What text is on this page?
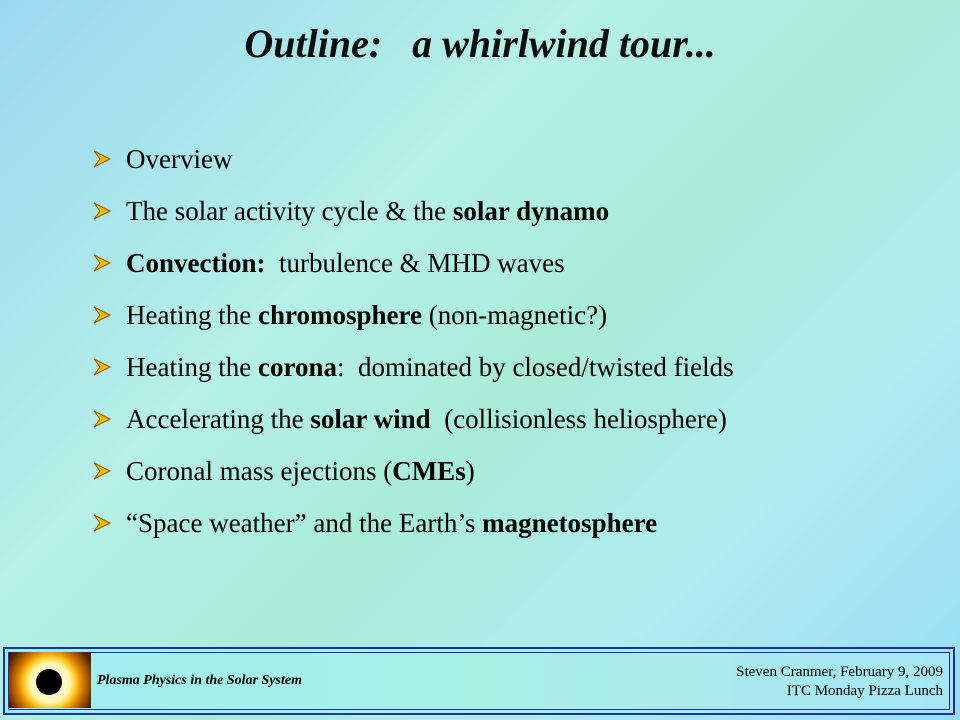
Outline:   a whirlwind tour...
Overview
The solar activity cycle & the solar dynamo
Convection:  turbulence & MHD waves
Heating the chromosphere (non-magnetic?)
Heating the corona:  dominated by closed/twisted fields
Accelerating the solar wind  (collisionless heliosphere)
Coronal mass ejections (CMEs)
“Space weather” and the Earth’s magnetosphere
Plasma Physics in the Solar System
Steven Cranmer, February 9, 2009
ITC Monday Pizza Lunch
